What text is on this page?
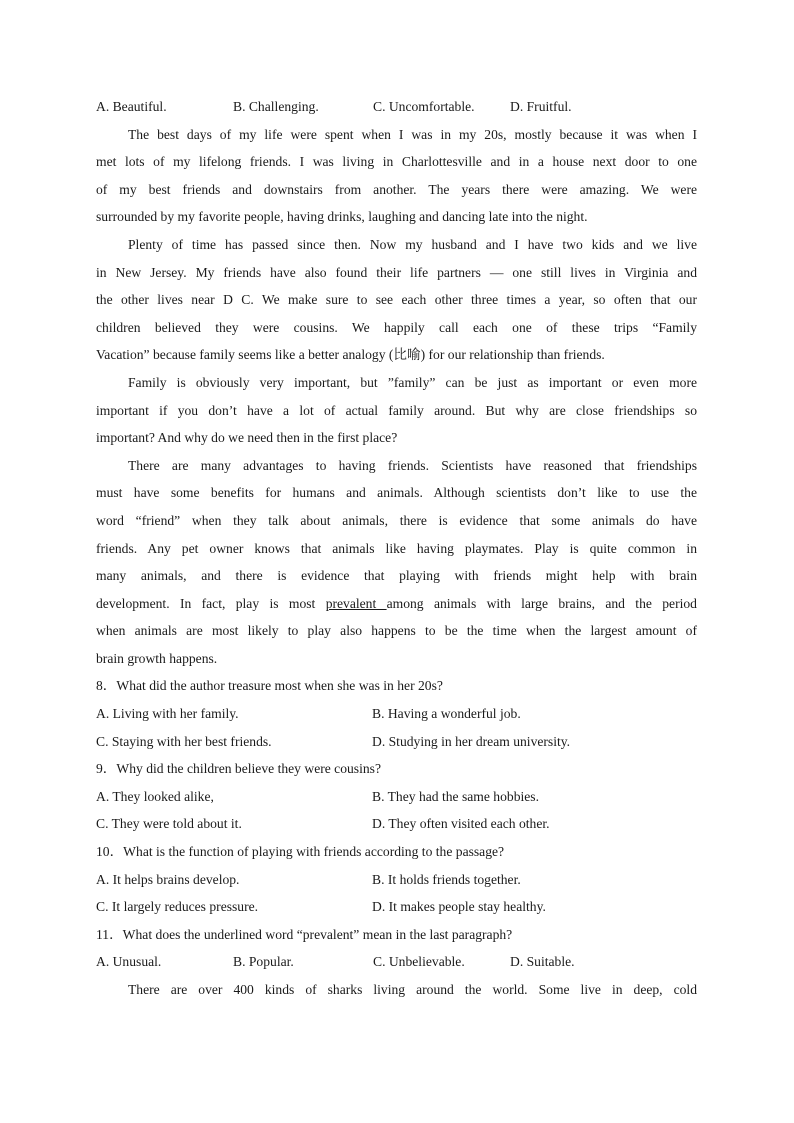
A. Beautiful.	B. Challenging.	C. Uncomfortable.	D. Fruitful.
The best days of my life were spent when I was in my 20s, mostly because it was when I
met lots of my lifelong friends. I was living in Charlottesville and in a house next door to one
of my best friends and downstairs from another. The years there were amazing. We were
surrounded by my favorite people, having drinks, laughing and dancing late into the night.
Plenty of time has passed since then. Now my husband and I have two kids and we live
in New Jersey. My friends have also found their life partners — one still lives in Virginia and
the other lives near D C. We make sure to see each other three times a year, so often that our
children believed they were cousins. We happily call each one of these trips “Family
Vacation” because family seems like a better analogy (比喻) for our relationship than friends.
Family is obviously very important, but ”family” can be just as important or even more
important if you don’t have a lot of actual family around. But why are close friendships so
important? And why do we need then in the first place?
There are many advantages to having friends. Scientists have reasoned that friendships
must have some benefits for humans and animals. Although scientists don’t like to use the
word “friend” when they talk about animals, there is evidence that some animals do have
friends. Any pet owner knows that animals like having playmates. Play is quite common in
many animals, and there is evidence that playing with friends might help with brain
development. In fact, play is most prevalent among animals with large brains, and the period
when animals are most likely to play also happens to be the time when the largest amount of
brain growth happens.
8．What did the author treasure most when she was in her 20s?
A. Living with her family.	B. Having a wonderful job.
C. Staying with her best friends.	D. Studying in her dream university.
9．Why did the children believe they were cousins?
A. They looked alike,	B. They had the same hobbies.
C. They were told about it.	D. They often visited each other.
10．What is the function of playing with friends according to the passage?
A. It helps brains develop.	B. It holds friends together.
C. It largely reduces pressure.	D. It makes people stay healthy.
11．What does the underlined word “prevalent” mean in the last paragraph?
A. Unusual.	B. Popular.	C. Unbelievable.	D. Suitable.
There are over 400 kinds of sharks living around the world. Some live in deep, cold
